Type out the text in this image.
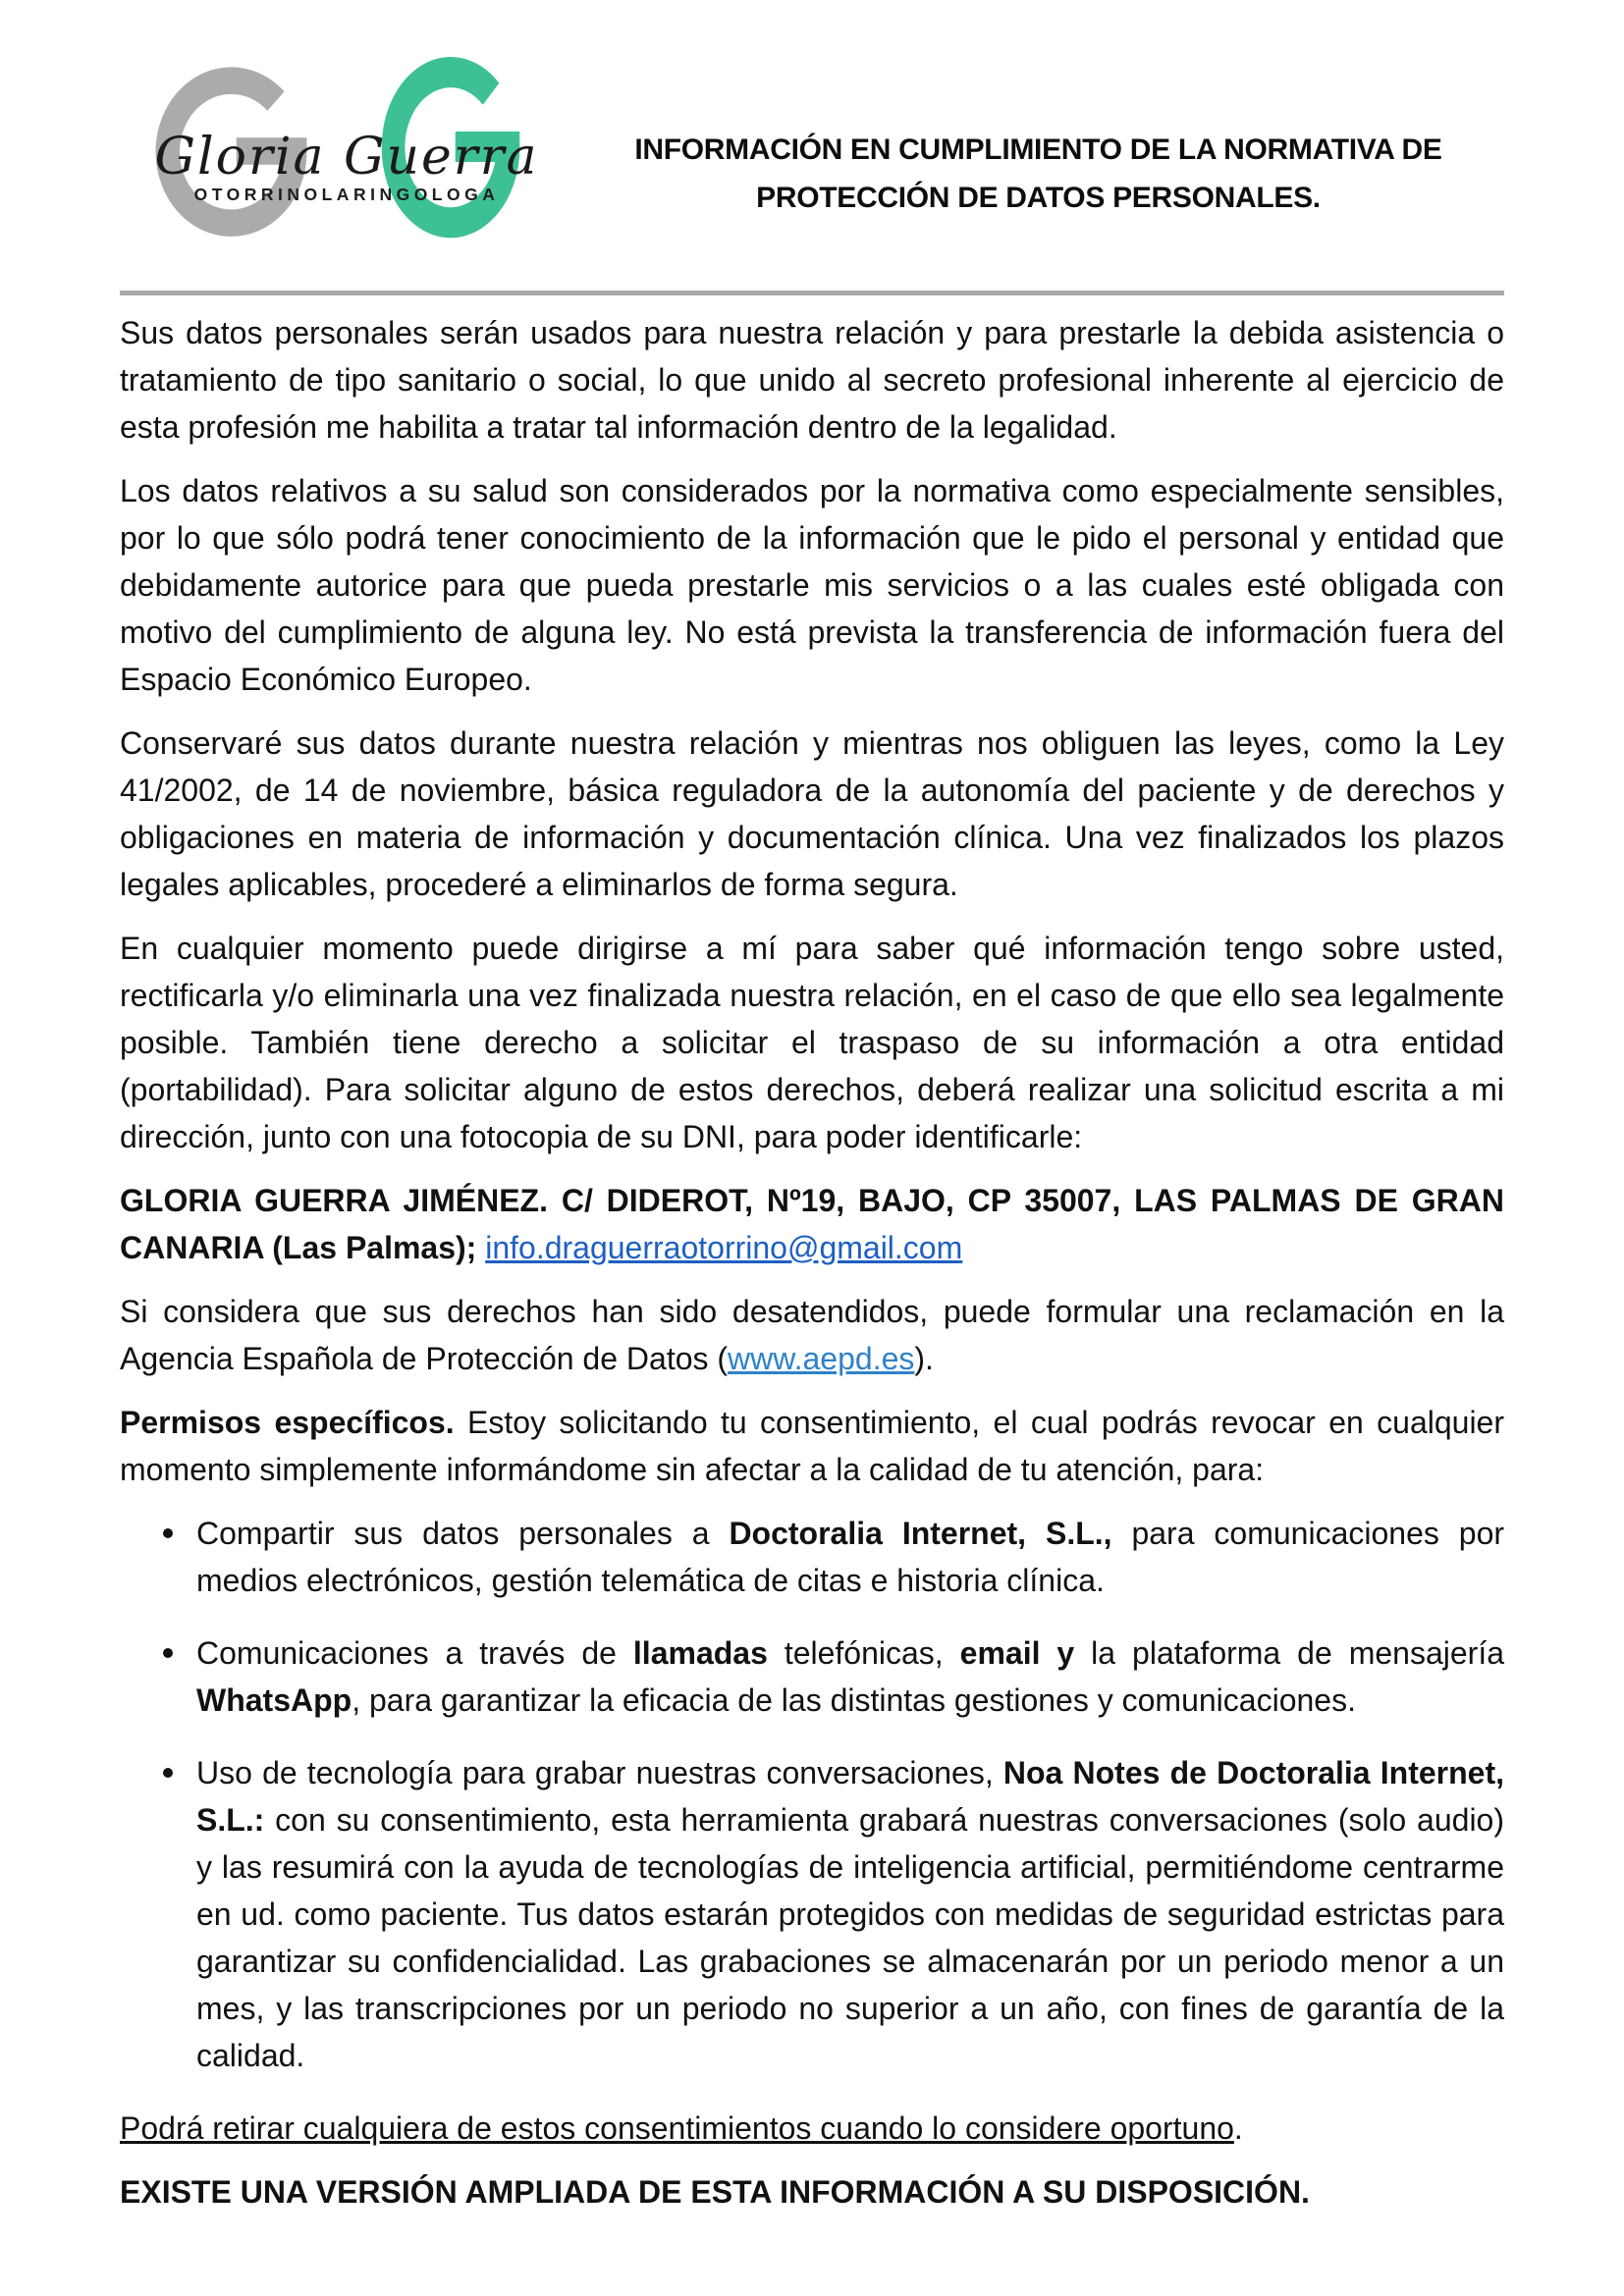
Gloria Guerra
OTORRINOLARINGOLOGA
INFORMACIÓN EN CUMPLIMIENTO DE LA NORMATIVA DE
PROTECCIÓN DE DATOS PERSONALES.

Sus datos personales serán usados para nuestra relación y para prestarle la debida asistencia o tratamiento de tipo sanitario o social, lo que unido al secreto profesional inherente al ejercicio de esta profesión me habilita a tratar tal información dentro de la legalidad.

Los datos relativos a su salud son considerados por la normativa como especialmente sensibles, por lo que sólo podrá tener conocimiento de la información que le pido el personal y entidad que debidamente autorice para que pueda prestarle mis servicios o a las cuales esté obligada con motivo del cumplimiento de alguna ley. No está prevista la transferencia de información fuera del Espacio Económico Europeo.

Conservaré sus datos durante nuestra relación y mientras nos obliguen las leyes, como la Ley 41/2002, de 14 de noviembre, básica reguladora de la autonomía del paciente y de derechos y obligaciones en materia de información y documentación clínica. Una vez finalizados los plazos legales aplicables, procederé a eliminarlos de forma segura.

En cualquier momento puede dirigirse a mí para saber qué información tengo sobre usted, rectificarla y/o eliminarla una vez finalizada nuestra relación, en el caso de que ello sea legalmente posible. También tiene derecho a solicitar el traspaso de su información a otra entidad (portabilidad). Para solicitar alguno de estos derechos, deberá realizar una solicitud escrita a mi dirección, junto con una fotocopia de su DNI, para poder identificarle:

GLORIA GUERRA JIMÉNEZ. C/ DIDEROT, Nº19, BAJO, CP 35007, LAS PALMAS DE GRAN CANARIA (Las Palmas); info.draguerraotorrino@gmail.com

Si considera que sus derechos han sido desatendidos, puede formular una reclamación en la Agencia Española de Protección de Datos (www.aepd.es).

Permisos específicos. Estoy solicitando tu consentimiento, el cual podrás revocar en cualquier momento simplemente informándome sin afectar a la calidad de tu atención, para:

Compartir sus datos personales a Doctoralia Internet, S.L., para comunicaciones por medios electrónicos, gestión telemática de citas e historia clínica.
Comunicaciones a través de llamadas telefónicas, email y la plataforma de mensajería WhatsApp, para garantizar la eficacia de las distintas gestiones y comunicaciones.
Uso de tecnología para grabar nuestras conversaciones, Noa Notes de Doctoralia Internet, S.L.: con su consentimiento, esta herramienta grabará nuestras conversaciones (solo audio) y las resumirá con la ayuda de tecnologías de inteligencia artificial, permitiéndome centrarme en ud. como paciente. Tus datos estarán protegidos con medidas de seguridad estrictas para garantizar su confidencialidad. Las grabaciones se almacenarán por un periodo menor a un mes, y las transcripciones por un periodo no superior a un año, con fines de garantía de la calidad.

Podrá retirar cualquiera de estos consentimientos cuando lo considere oportuno.

EXISTE UNA VERSIÓN AMPLIADA DE ESTA INFORMACIÓN A SU DISPOSICIÓN.
